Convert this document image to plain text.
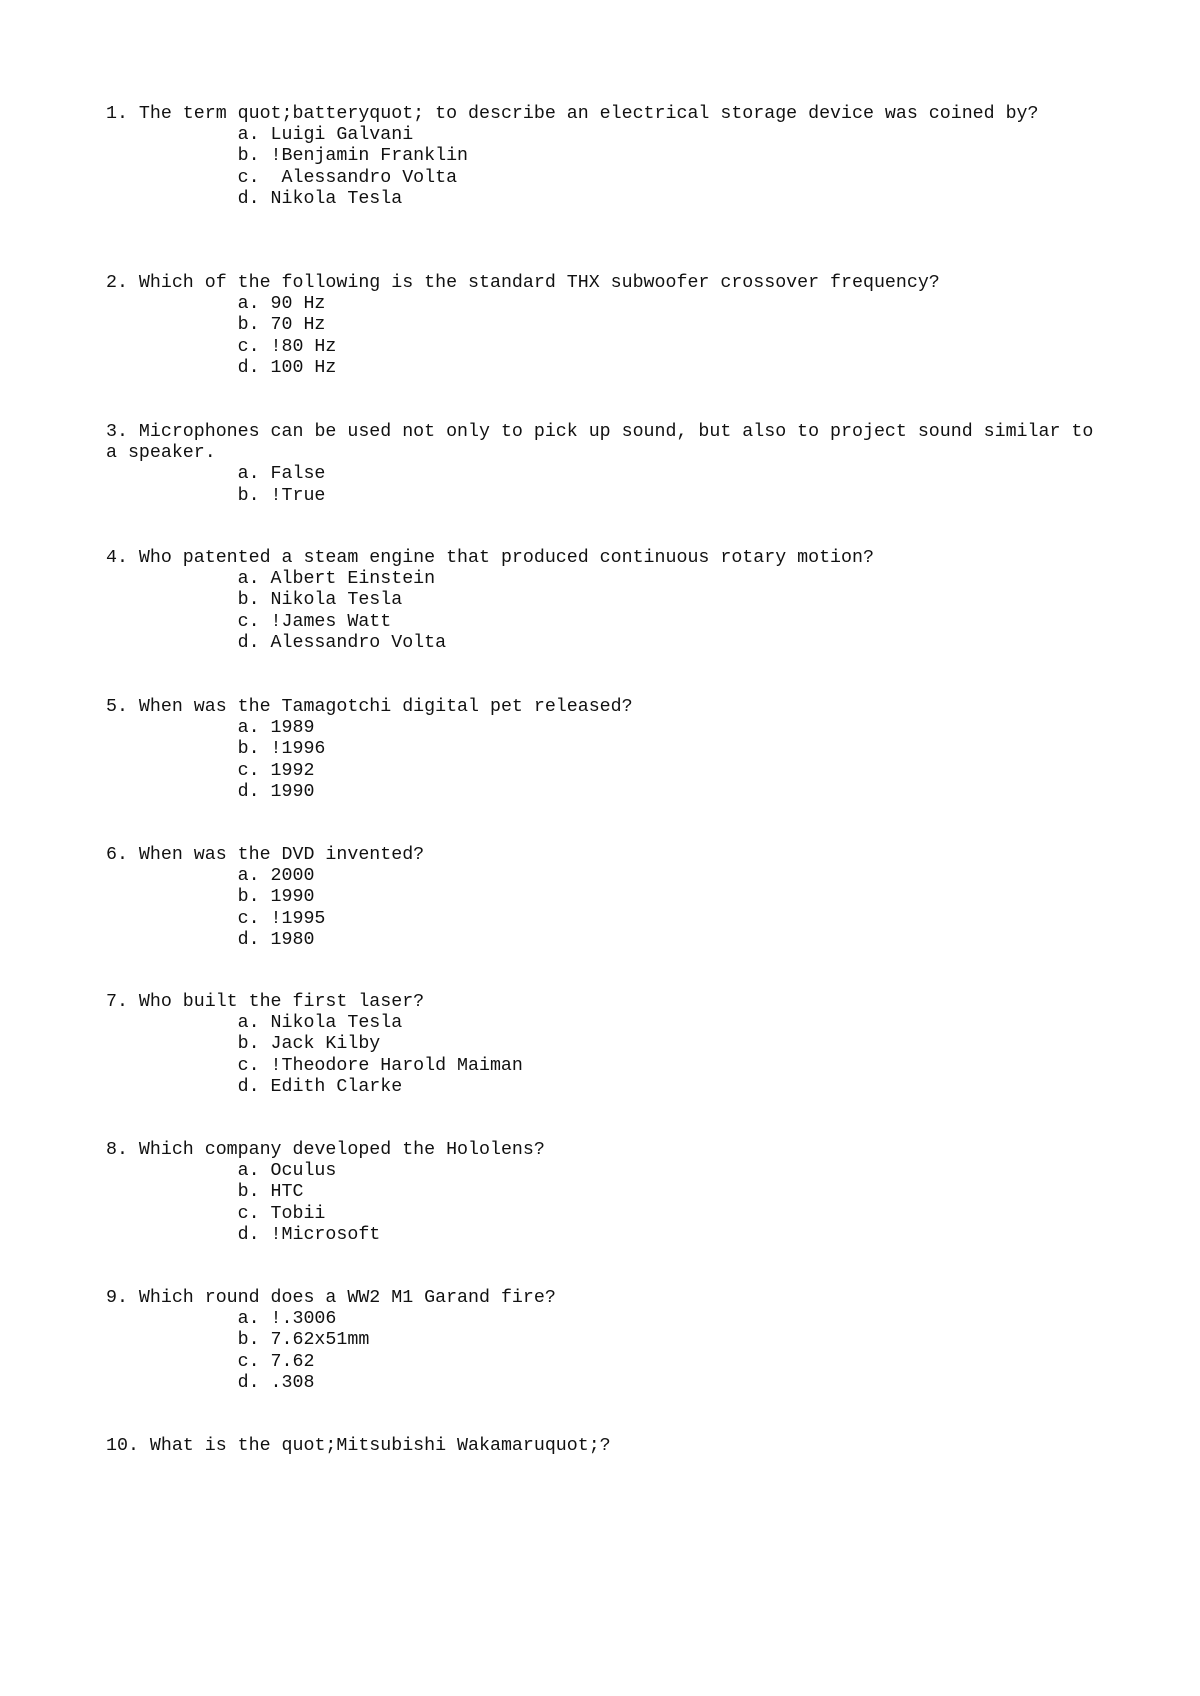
1. The term quot;batteryquot; to describe an electrical storage device was coined by?
a. Luigi Galvani
b. !Benjamin Franklin
c.  Alessandro Volta
d. Nikola Tesla
2. Which of the following is the standard THX subwoofer crossover frequency?
a. 90 Hz
b. 70 Hz
c. !80 Hz
d. 100 Hz
3. Microphones can be used not only to pick up sound, but also to project sound similar to a speaker.
a. False
b. !True
4. Who patented a steam engine that produced continuous rotary motion?
a. Albert Einstein
b. Nikola Tesla
c. !James Watt
d. Alessandro Volta
5. When was the Tamagotchi digital pet released?
a. 1989
b. !1996
c. 1992
d. 1990
6. When was the DVD invented?
a. 2000
b. 1990
c. !1995
d. 1980
7. Who built the first laser?
a. Nikola Tesla
b. Jack Kilby
c. !Theodore Harold Maiman
d. Edith Clarke
8. Which company developed the Hololens?
a. Oculus
b. HTC
c. Tobii
d. !Microsoft
9. Which round does a WW2 M1 Garand fire?
a. !.3006
b. 7.62x51mm
c. 7.62
d. .308
10. What is the quot;Mitsubishi Wakamaruquot;?
